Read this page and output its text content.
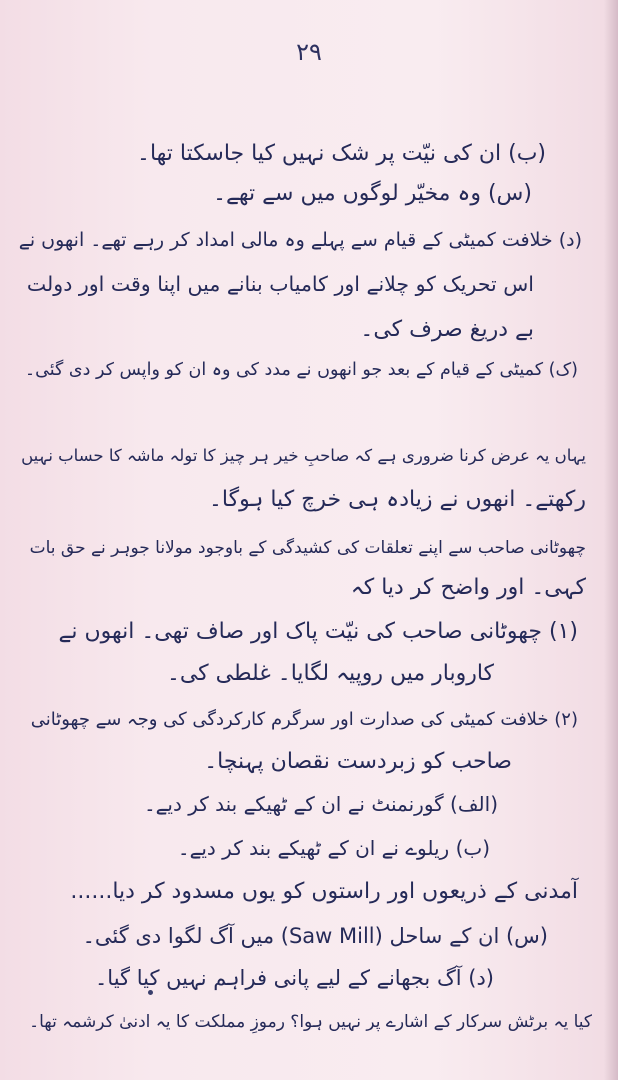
۲۹
(ب) ان کی نیّت پر شک نہیں کیا جاسکتا تھا۔
(س) وہ مخیّر لوگوں میں سے تھے۔
(د) خلافت کمیٹی کے قیام سے پہلے وہ مالی امداد کر رہے تھے۔ انھوں نے
اس تحریک کو چلانے اور کامیاب بنانے میں اپنا وقت اور دولت
بے دریغ صرف کی۔
(ک) کمیٹی کے قیام کے بعد جو انھوں نے مدد کی وہ ان کو واپس کر دی گئی۔
یہاں یہ عرض کرنا ضروری ہے کہ صاحبِ خیر ہر چیز کا تولہ ماشہ کا حساب نہیں
رکھتے۔ انھوں نے زیادہ ہی خرچ کیا ہوگا۔
چھوٹانی صاحب سے اپنے تعلقات کی کشیدگی کے باوجود مولانا جوہر نے حق بات
کہی۔ اور واضح کر دیا کہ
(۱) چھوٹانی صاحب کی نیّت پاک اور صاف تھی۔ انھوں نے
کاروبار میں روپیہ لگایا۔ غلطی کی۔
(۲) خلافت کمیٹی کی صدارت اور سرگرم کارکردگی کی وجہ سے چھوٹانی
صاحب کو زبردست نقصان پہنچا۔
(الف) گورنمنٹ نے ان کے ٹھیکے بند کر دیے۔
(ب) ریلوے نے ان کے ٹھیکے بند کر دیے۔
آمدنی کے ذریعوں اور راستوں کو یوں مسدود کر دیا......
(س) ان کے ساحل (Saw Mill) میں آگ لگوا دی گئی۔
(د) آگ بجھانے کے لیے پانی فراہم نہیں کیا گیا۔
کیا یہ برٹش سرکار کے اشارے پر نہیں ہوا؟ رموزِ مملکت کا یہ ادنیٰ کرشمہ تھا۔
